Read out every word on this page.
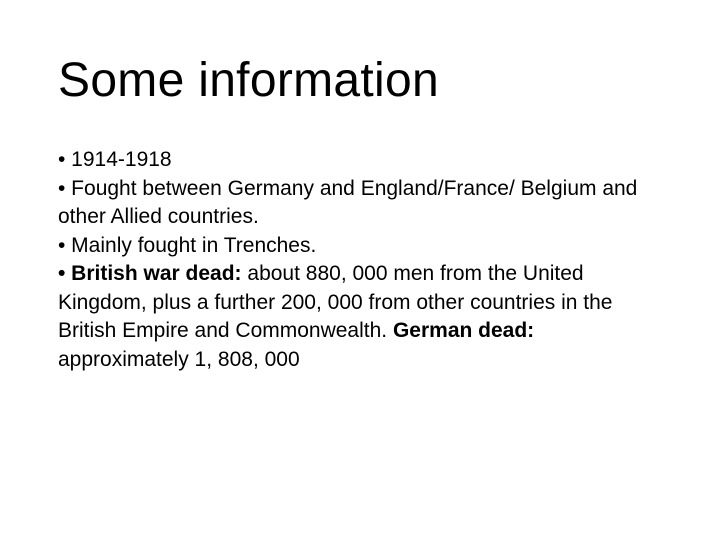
Some information

• 1914-1918

• Fought between Germany and England/France/ Belgium and other Allied countries.

• Mainly fought in Trenches.

• British war dead: about 880, 000 men from the United Kingdom, plus a further 200, 000 from other countries in the British Empire and Commonwealth. German dead: approximately 1, 808, 000
